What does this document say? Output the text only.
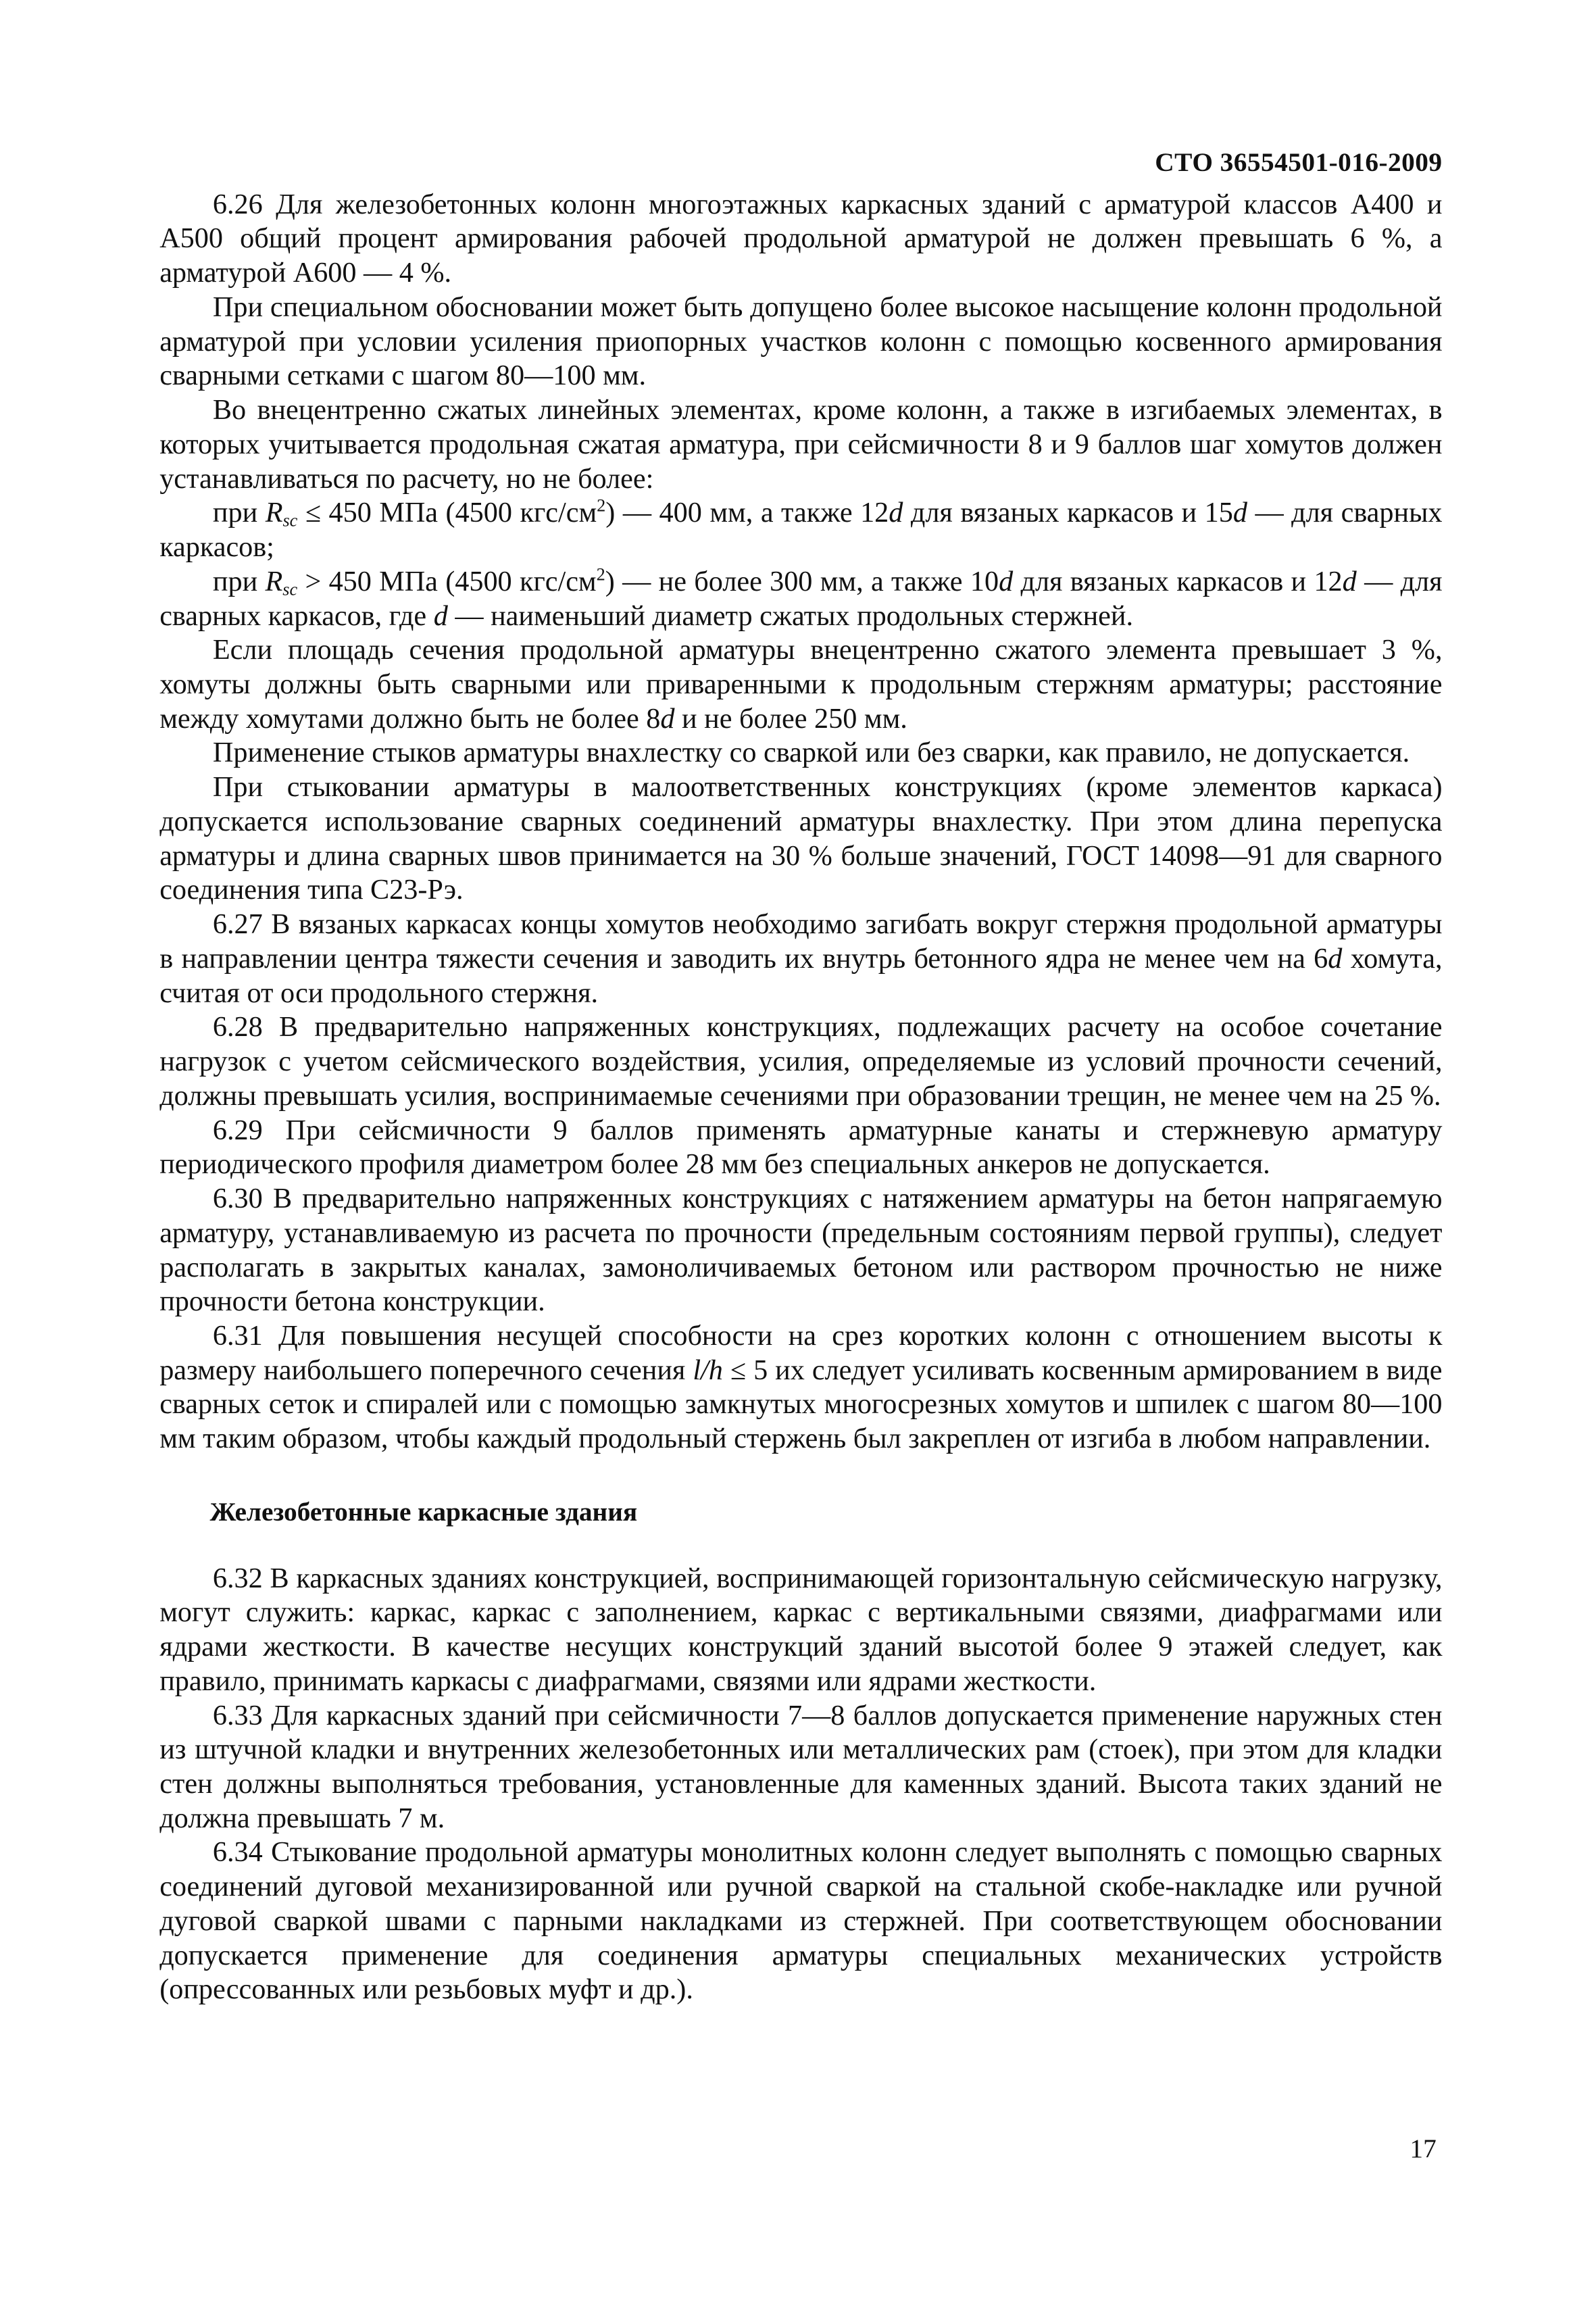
СТО 36554501-016-2009

6.26 Для железобетонных колонн многоэтажных каркасных зданий с арматурой классов А400 и А500 общий процент армирования рабочей продольной арматурой не должен превышать 6 %, а арматурой А600 — 4 %.

При специальном обосновании может быть допущено более высокое насыщение колонн продольной арматурой при условии усиления приопорных участков колонн с помощью косвенного армирования сварными сетками с шагом 80—100 мм.

Во внецентренно сжатых линейных элементах, кроме колонн, а также в изгибаемых элементах, в которых учитывается продольная сжатая арматура, при сейсмичности 8 и 9 баллов шаг хомутов должен устанавливаться по расчету, но не более:

при $R_{sc} \le 450$ МПа (4500 кгс/$см^2$) — 400 мм, а также 12d для вязаных каркасов и 15d — для сварных каркасов;

при $R_{sc} > 450$ МПа (4500 кгс/$см^2$) — не более 300 мм, а также 10d для вязаных каркасов и 12d — для сварных каркасов, где d — наименьший диаметр сжатых продольных стержней.

Если площадь сечения продольной арматуры внецентренно сжатого элемента превышает 3 %, хомуты должны быть сварными или приваренными к продольным стержням арматуры; расстояние между хомутами должно быть не более 8d и не более 250 мм.

Применение стыков арматуры внахлестку со сваркой или без сварки, как правило, не допускается.

При стыковании арматуры в малоответственных конструкциях (кроме элементов каркаса) допускается использование сварных соединений арматуры внахлестку. При этом длина перепуска арматуры и длина сварных швов принимается на 30 % больше значений, ГОСТ 14098—91 для сварного соединения типа С23-Рэ.

6.27 В вязаных каркасах концы хомутов необходимо загибать вокруг стержня продольной арматуры в направлении центра тяжести сечения и заводить их внутрь бетонного ядра не менее чем на 6d хомута, считая от оси продольного стержня.

6.28 В предварительно напряженных конструкциях, подлежащих расчету на особое сочетание нагрузок с учетом сейсмического воздействия, усилия, определяемые из условий прочности сечений, должны превышать усилия, воспринимаемые сечениями при образовании трещин, не менее чем на 25 %.

6.29 При сейсмичности 9 баллов применять арматурные канаты и стержневую арматуру периодического профиля диаметром более 28 мм без специальных анкеров не допускается.

6.30 В предварительно напряженных конструкциях с натяжением арматуры на бетон напрягаемую арматуру, устанавливаемую из расчета по прочности (предельным состояниям первой группы), следует располагать в закрытых каналах, замоноличиваемых бетоном или раствором прочностью не ниже прочности бетона конструкции.

6.31 Для повышения несущей способности на срез коротких колонн с отношением высоты к размеру наибольшего поперечного сечения l/h ≤ 5 их следует усиливать косвенным армированием в виде сварных сеток и спиралей или с помощью замкнутых многосрезных хомутов и шпилек с шагом 80—100 мм таким образом, чтобы каждый продольный стержень был закреплен от изгиба в любом направлении.

Железобетонные каркасные здания

6.32 В каркасных зданиях конструкцией, воспринимающей горизонтальную сейсмическую нагрузку, могут служить: каркас, каркас с заполнением, каркас с вертикальными связями, диафрагмами или ядрами жесткости. В качестве несущих конструкций зданий высотой более 9 этажей следует, как правило, принимать каркасы с диафрагмами, связями или ядрами жесткости.

6.33 Для каркасных зданий при сейсмичности 7—8 баллов допускается применение наружных стен из штучной кладки и внутренних железобетонных или металлических рам (стоек), при этом для кладки стен должны выполняться требования, установленные для каменных зданий. Высота таких зданий не должна превышать 7 м.

6.34 Стыкование продольной арматуры монолитных колонн следует выполнять с помощью сварных соединений дуговой механизированной или ручной сваркой на стальной скобе-накладке или ручной дуговой сваркой швами с парными накладками из стержней. При соответствующем обосновании допускается применение для соединения арматуры специальных механических устройств (опрессованных или резьбовых муфт и др.).

17
